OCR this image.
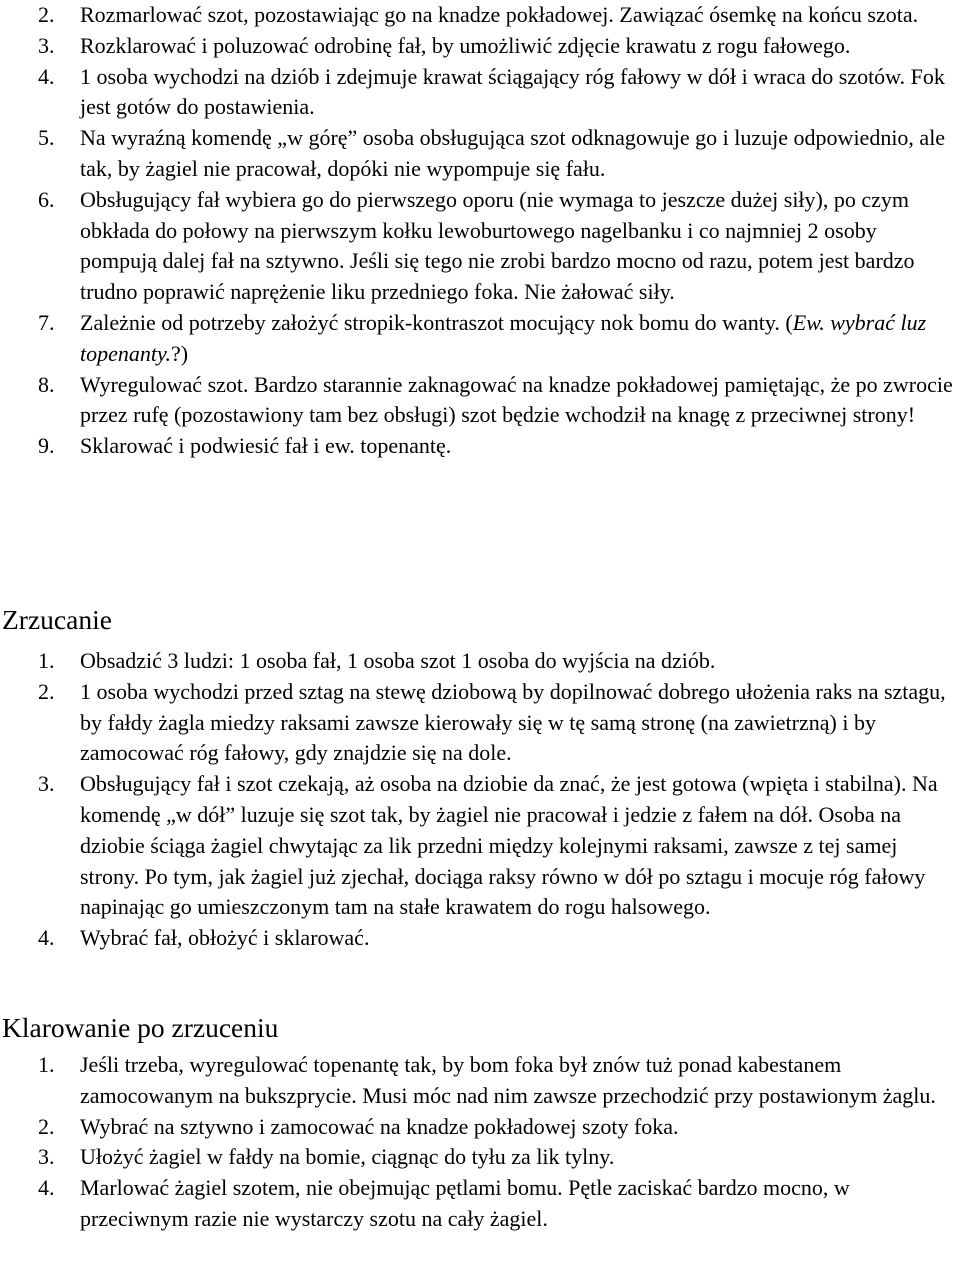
2. Rozmarlować szot, pozostawiając go na knadze pokładowej. Zawiązać ósemkę na końcu szota.
3. Rozklarować i poluzować odrobinę fał, by umożliwić zdjęcie krawatu z rogu fałowego.
4. 1 osoba wychodzi na dziób i zdejmuje krawat ściągający róg fałowy w dół i wraca do szotów. Fok jest gotów do postawienia.
5. Na wyraźną komendę „w górę” osoba obsługująca szot odknagowuje go i luzuje odpowiednio, ale tak, by żagiel nie pracował, dopóki nie wypompuje się fału.
6. Obsługujący fał wybiera go do pierwszego oporu (nie wymaga to jeszcze dużej siły), po czym obkłada do połowy na pierwszym kołku lewoburtowego nagelbanku i co najmniej 2 osoby pompują dalej fał na sztywno. Jeśli się tego nie zrobi bardzo mocno od razu, potem jest bardzo trudno poprawić naprężenie liku przedniego foka. Nie żałować siły.
7. Zależnie od potrzeby założyć stropik-kontraszot mocujący nok bomu do wanty. (Ew. wybrać luz topenanty.?)
8. Wyregulować szot. Bardzo starannie zaknagować na knadze pokładowej pamiętając, że po zwrocie przez rufę (pozostawiony tam bez obsługi) szot będzie wchodził na knagę z przeciwnej strony!
9. Sklarować i podwiesić fał i ew. topenantę.
Zrzucanie
1. Obsadzić 3 ludzi: 1 osoba fał, 1 osoba szot 1 osoba do wyjścia na dziób.
2. 1 osoba wychodzi przed sztag na stewę dziobową by dopilnować dobrego ułożenia raks na sztagu, by fałdy żagla miedzy raksami zawsze kierowały się w tę samą stronę (na zawietrzną) i by zamocować róg fałowy, gdy znajdzie się na dole.
3. Obsługujący fał i szot czekają, aż osoba na dziobie da znać, że jest gotowa (wpięta i stabilna). Na komendę „w dół” luzuje się szot tak, by żagiel nie pracował i jedzie z fałem na dół. Osoba na dziobie ściąga żagiel chwytając za lik przedni między kolejnymi raksami, zawsze z tej samej strony. Po tym, jak żagiel już zjechał, dociąga raksy równo w dół po sztagu i mocuje róg fałowy napinając go umieszczonym tam na stałe krawatem do rogu halsowego.
4. Wybrać fał, obłożyć i sklarować.
Klarowanie po zrzuceniu
1. Jeśli trzeba, wyregulować topenantę tak, by bom foka był znów tuż ponad kabestanem zamocowanym na bukszprycie. Musi móc nad nim zawsze przechodzić przy postawionym żaglu.
2. Wybrać na sztywno i zamocować na knadze pokładowej szoty foka.
3. Ułożyć żagiel w fałdy na bomie, ciągnąc do tyłu za lik tylny.
4. Marlować żagiel szotem, nie obejmując pętlami bomu. Pętle zaciskać bardzo mocno, w przeciwnym razie nie wystarczy szotu na cały żagiel.
